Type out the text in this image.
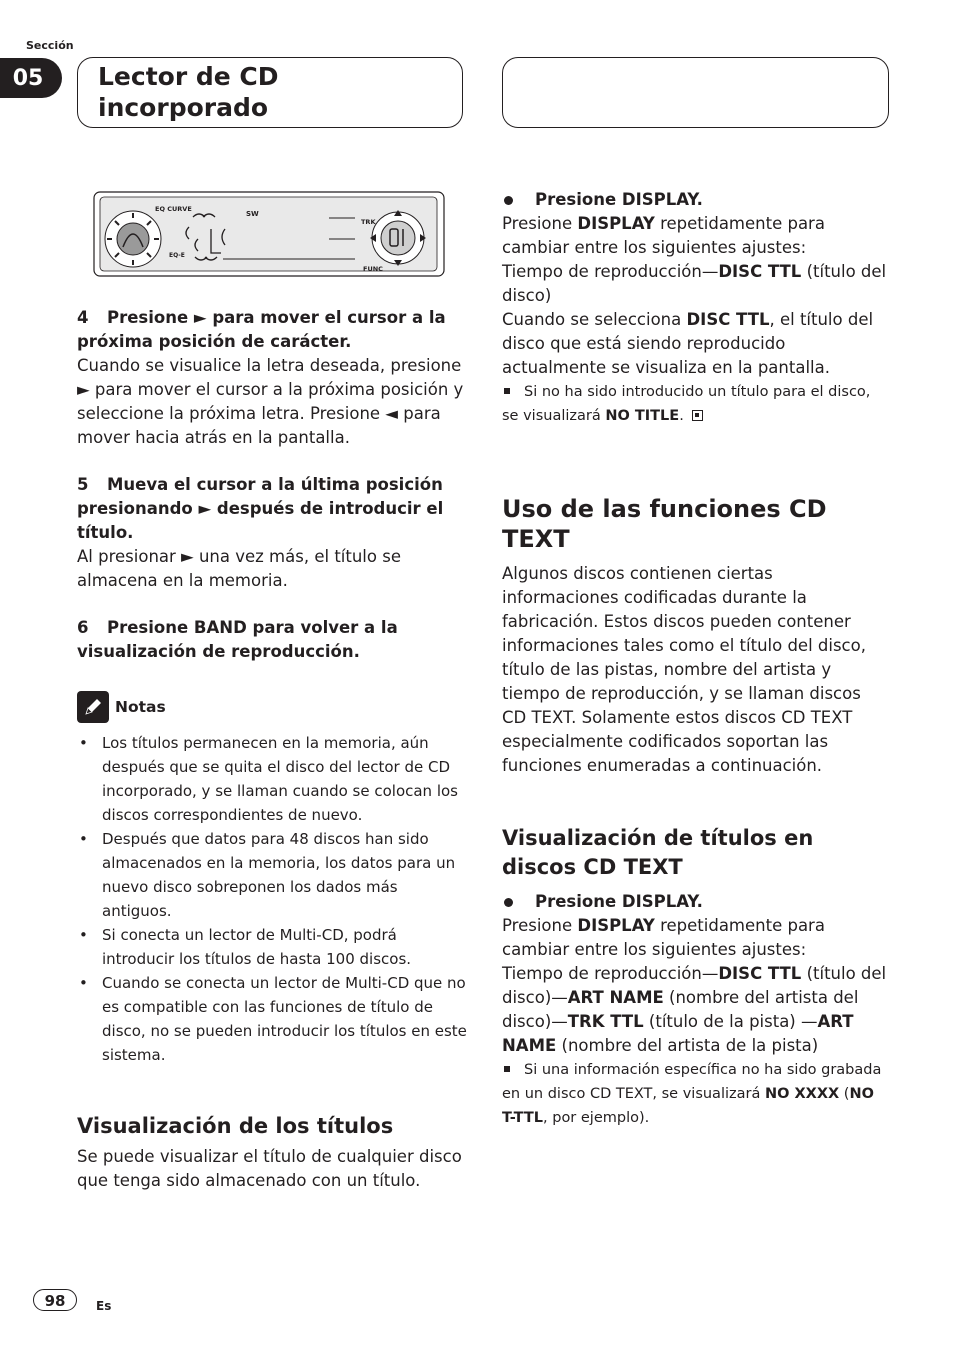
Sección
05	Lector de CD incorporado
EQ CURVE
EQ-E
SW
TRK
FUNC

4 Presione ► para mover el cursor a la próxima posición de carácter.

Cuando se visualice la letra deseada, presione ► para mover el cursor a la próxima posición y seleccione la próxima letra. Presione ◄ para mover hacia atrás en la pantalla.

5 Mueva el cursor a la última posición presionando ► después de introducir el título.

Al presionar ► una vez más, el título se almacena en la memoria.

6 Presione BAND para volver a la visualización de reproducción.

Notas
• Los títulos permanecen en la memoria, aún después que se quita el disco del lector de CD incorporado, y se llaman cuando se colocan los discos correspondientes de nuevo.
• Después que datos para 48 discos han sido almacenados en la memoria, los datos para un nuevo disco sobreponen los dados más antiguos.
• Si conecta un lector de Multi-CD, podrá introducir los títulos de hasta 100 discos.
• Cuando se conecta un lector de Multi-CD que no es compatible con las funciones de título de disco, no se pueden introducir los títulos en este sistema.

Visualización de los títulos

Se puede visualizar el título de cualquier disco que tenga sido almacenado con un título.

Presione DISPLAY.

Presione DISPLAY repetidamente para cambiar entre los siguientes ajustes:

Tiempo de reproducción—DISC TTL (título del disco)

Cuando se selecciona DISC TTL, el título del disco que está siendo reproducido actualmente se visualiza en la pantalla.

Si no ha sido introducido un título para el disco, se visualizará NO TITLE.

Uso de las funciones CD TEXT

Algunos discos contienen ciertas informaciones codificadas durante la fabricación. Estos discos pueden contener informaciones tales como el título del disco, título de las pistas, nombre del artista y tiempo de reproducción, y se llaman discos CD TEXT. Solamente estos discos CD TEXT especialmente codificados soportan las funciones enumeradas a continuación.

Visualización de títulos en discos CD TEXT

Presione DISPLAY.

Presione DISPLAY repetidamente para cambiar entre los siguientes ajustes:

Tiempo de reproducción—DISC TTL (título del disco)—ART NAME (nombre del artista del disco)—TRK TTL (título de la pista) —ART NAME (nombre del artista de la pista)

Si una información específica no ha sido grabada en un disco CD TEXT, se visualizará NO XXXX (NO T-TTL, por ejemplo).

98	Es
